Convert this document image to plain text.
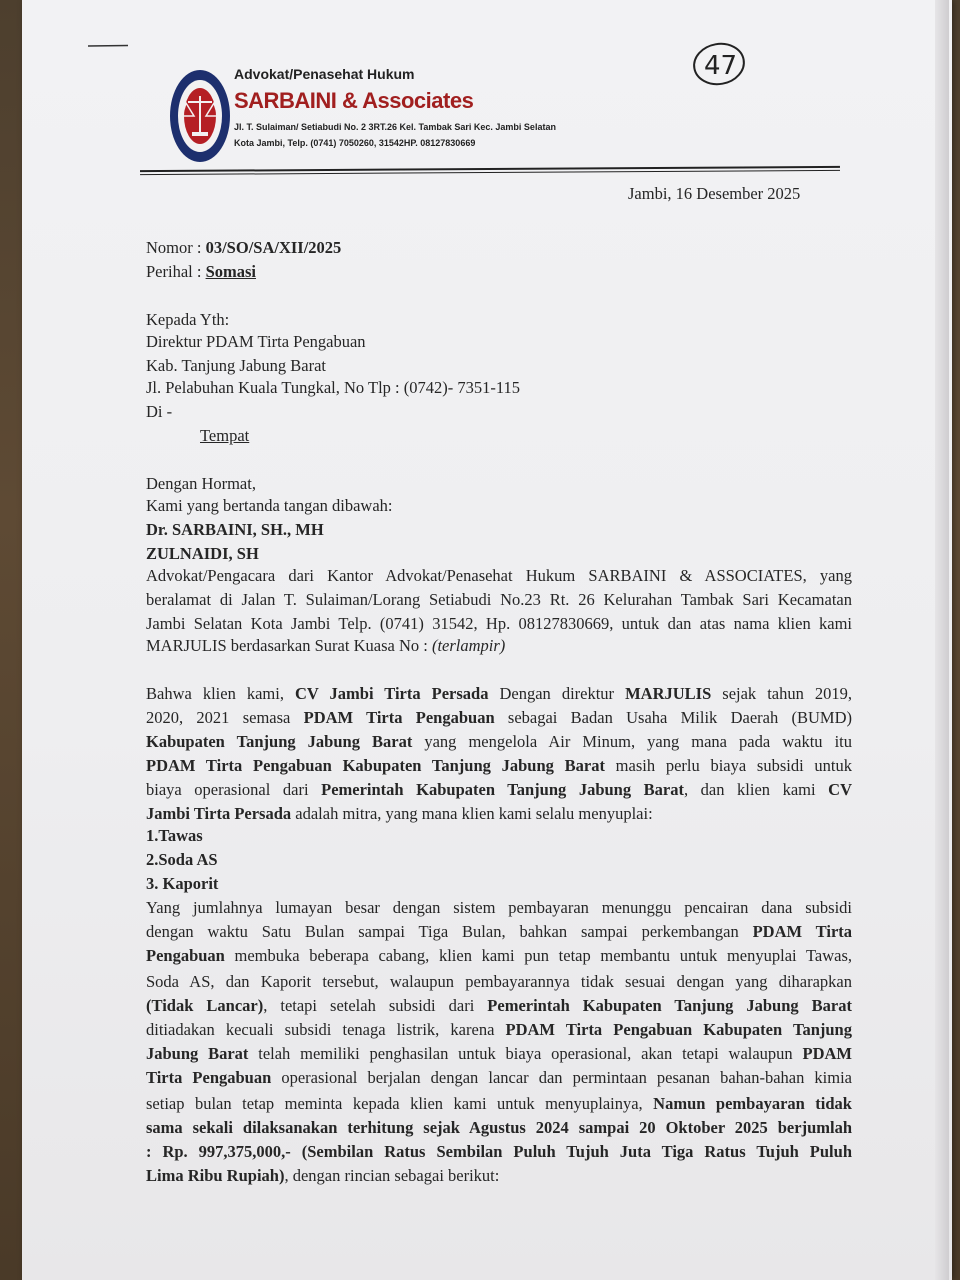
Advokat/Penasehat Hukum
SARBAINI & Associates
Jl. T. Sulaiman/ Setiabudi No. 2 3RT.26 Kel. Tambak Sari Kec. Jambi Selatan
Kota Jambi, Telp. (0741) 7050260, 31542HP. 08127830669
47
Jambi, 16 Desember 2025
Nomor : 03/SO/SA/XII/2025
Perihal : Somasi
Kepada Yth:
Direktur PDAM Tirta Pengabuan
Kab. Tanjung Jabung Barat
Jl. Pelabuhan Kuala Tungkal, No Tlp : (0742)- 7351-115
Di -
Tempat
Dengan Hormat,
Kami yang bertanda tangan dibawah:
Dr. SARBAINI, SH., MH
ZULNAIDI, SH
Advokat/Pengacara dari Kantor Advokat/Penasehat Hukum SARBAINI & ASSOCIATES, yang
beralamat di Jalan T. Sulaiman/Lorang Setiabudi No.23 Rt. 26 Kelurahan Tambak Sari Kecamatan
Jambi Selatan Kota Jambi Telp. (0741) 31542, Hp. 08127830669, untuk dan atas nama klien kami
MARJULIS berdasarkan Surat Kuasa No : (terlampir)
Bahwa klien kami, CV Jambi Tirta Persada Dengan direktur MARJULIS sejak tahun 2019,
2020, 2021 semasa PDAM Tirta Pengabuan sebagai Badan Usaha Milik Daerah (BUMD)
Kabupaten Tanjung Jabung Barat yang mengelola Air Minum, yang mana pada waktu itu
PDAM Tirta Pengabuan Kabupaten Tanjung Jabung Barat masih perlu biaya subsidi untuk
biaya operasional dari Pemerintah Kabupaten Tanjung Jabung Barat, dan klien kami CV
Jambi Tirta Persada adalah mitra, yang mana klien kami selalu menyuplai:
1.Tawas
2.Soda AS
3. Kaporit
Yang jumlahnya lumayan besar dengan sistem pembayaran menunggu pencairan dana subsidi
dengan waktu Satu Bulan sampai Tiga Bulan, bahkan sampai perkembangan PDAM Tirta
Pengabuan membuka beberapa cabang, klien kami pun tetap membantu untuk menyuplai Tawas,
Soda AS, dan Kaporit tersebut, walaupun pembayarannya tidak sesuai dengan yang diharapkan
(Tidak Lancar), tetapi setelah subsidi dari Pemerintah Kabupaten Tanjung Jabung Barat
ditiadakan kecuali subsidi tenaga listrik, karena PDAM Tirta Pengabuan Kabupaten Tanjung
Jabung Barat telah memiliki penghasilan untuk biaya operasional, akan tetapi walaupun PDAM
Tirta Pengabuan operasional berjalan dengan lancar dan permintaan pesanan bahan-bahan kimia
setiap bulan tetap meminta kepada klien kami untuk menyuplainya, Namun pembayaran tidak
sama sekali dilaksanakan terhitung sejak Agustus 2024 sampai 20 Oktober 2025 berjumlah
: Rp. 997,375,000,- (Sembilan Ratus Sembilan Puluh Tujuh Juta Tiga Ratus Tujuh Puluh
Lima Ribu Rupiah), dengan rincian sebagai berikut:
